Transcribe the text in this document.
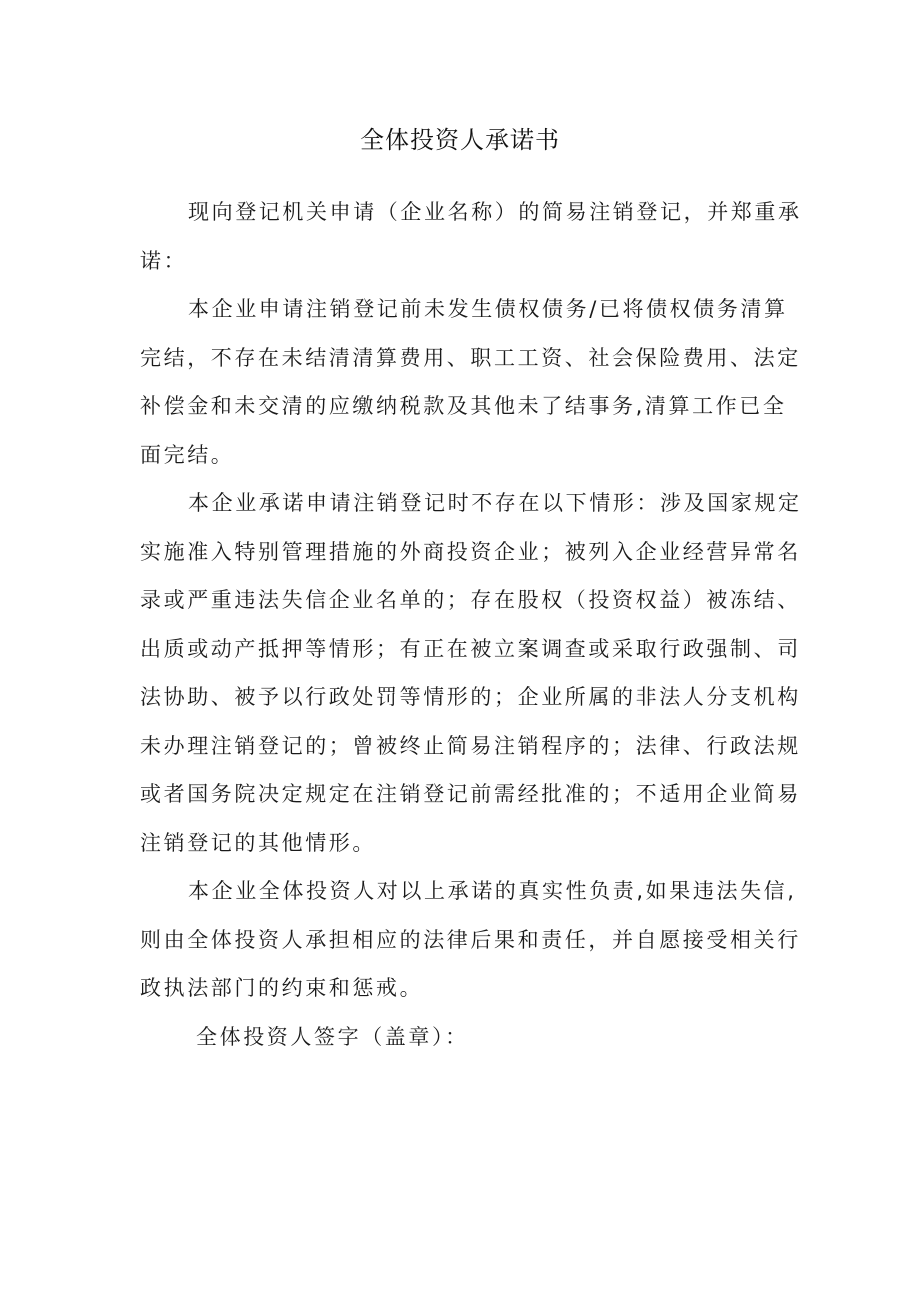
全体投资人承诺书
现向登记机关申请（企业名称）的简易注销登记，并郑重承
诺：
本企业申请注销登记前未发生债权债务/已将债权债务清算
完结，不存在未结清清算费用、职工工资、社会保险费用、法定
补偿金和未交清的应缴纳税款及其他未了结事务,清算工作已全
面完结。
本企业承诺申请注销登记时不存在以下情形：涉及国家规定
实施准入特别管理措施的外商投资企业；被列入企业经营异常名
录或严重违法失信企业名单的；存在股权（投资权益）被冻结、
出质或动产抵押等情形；有正在被立案调查或采取行政强制、司
法协助、被予以行政处罚等情形的；企业所属的非法人分支机构
未办理注销登记的；曾被终止简易注销程序的；法律、行政法规
或者国务院决定规定在注销登记前需经批准的；不适用企业简易
注销登记的其他情形。
本企业全体投资人对以上承诺的真实性负责,如果违法失信,
则由全体投资人承担相应的法律后果和责任，并自愿接受相关行
政执法部门的约束和惩戒。
全体投资人签字（盖章）：
